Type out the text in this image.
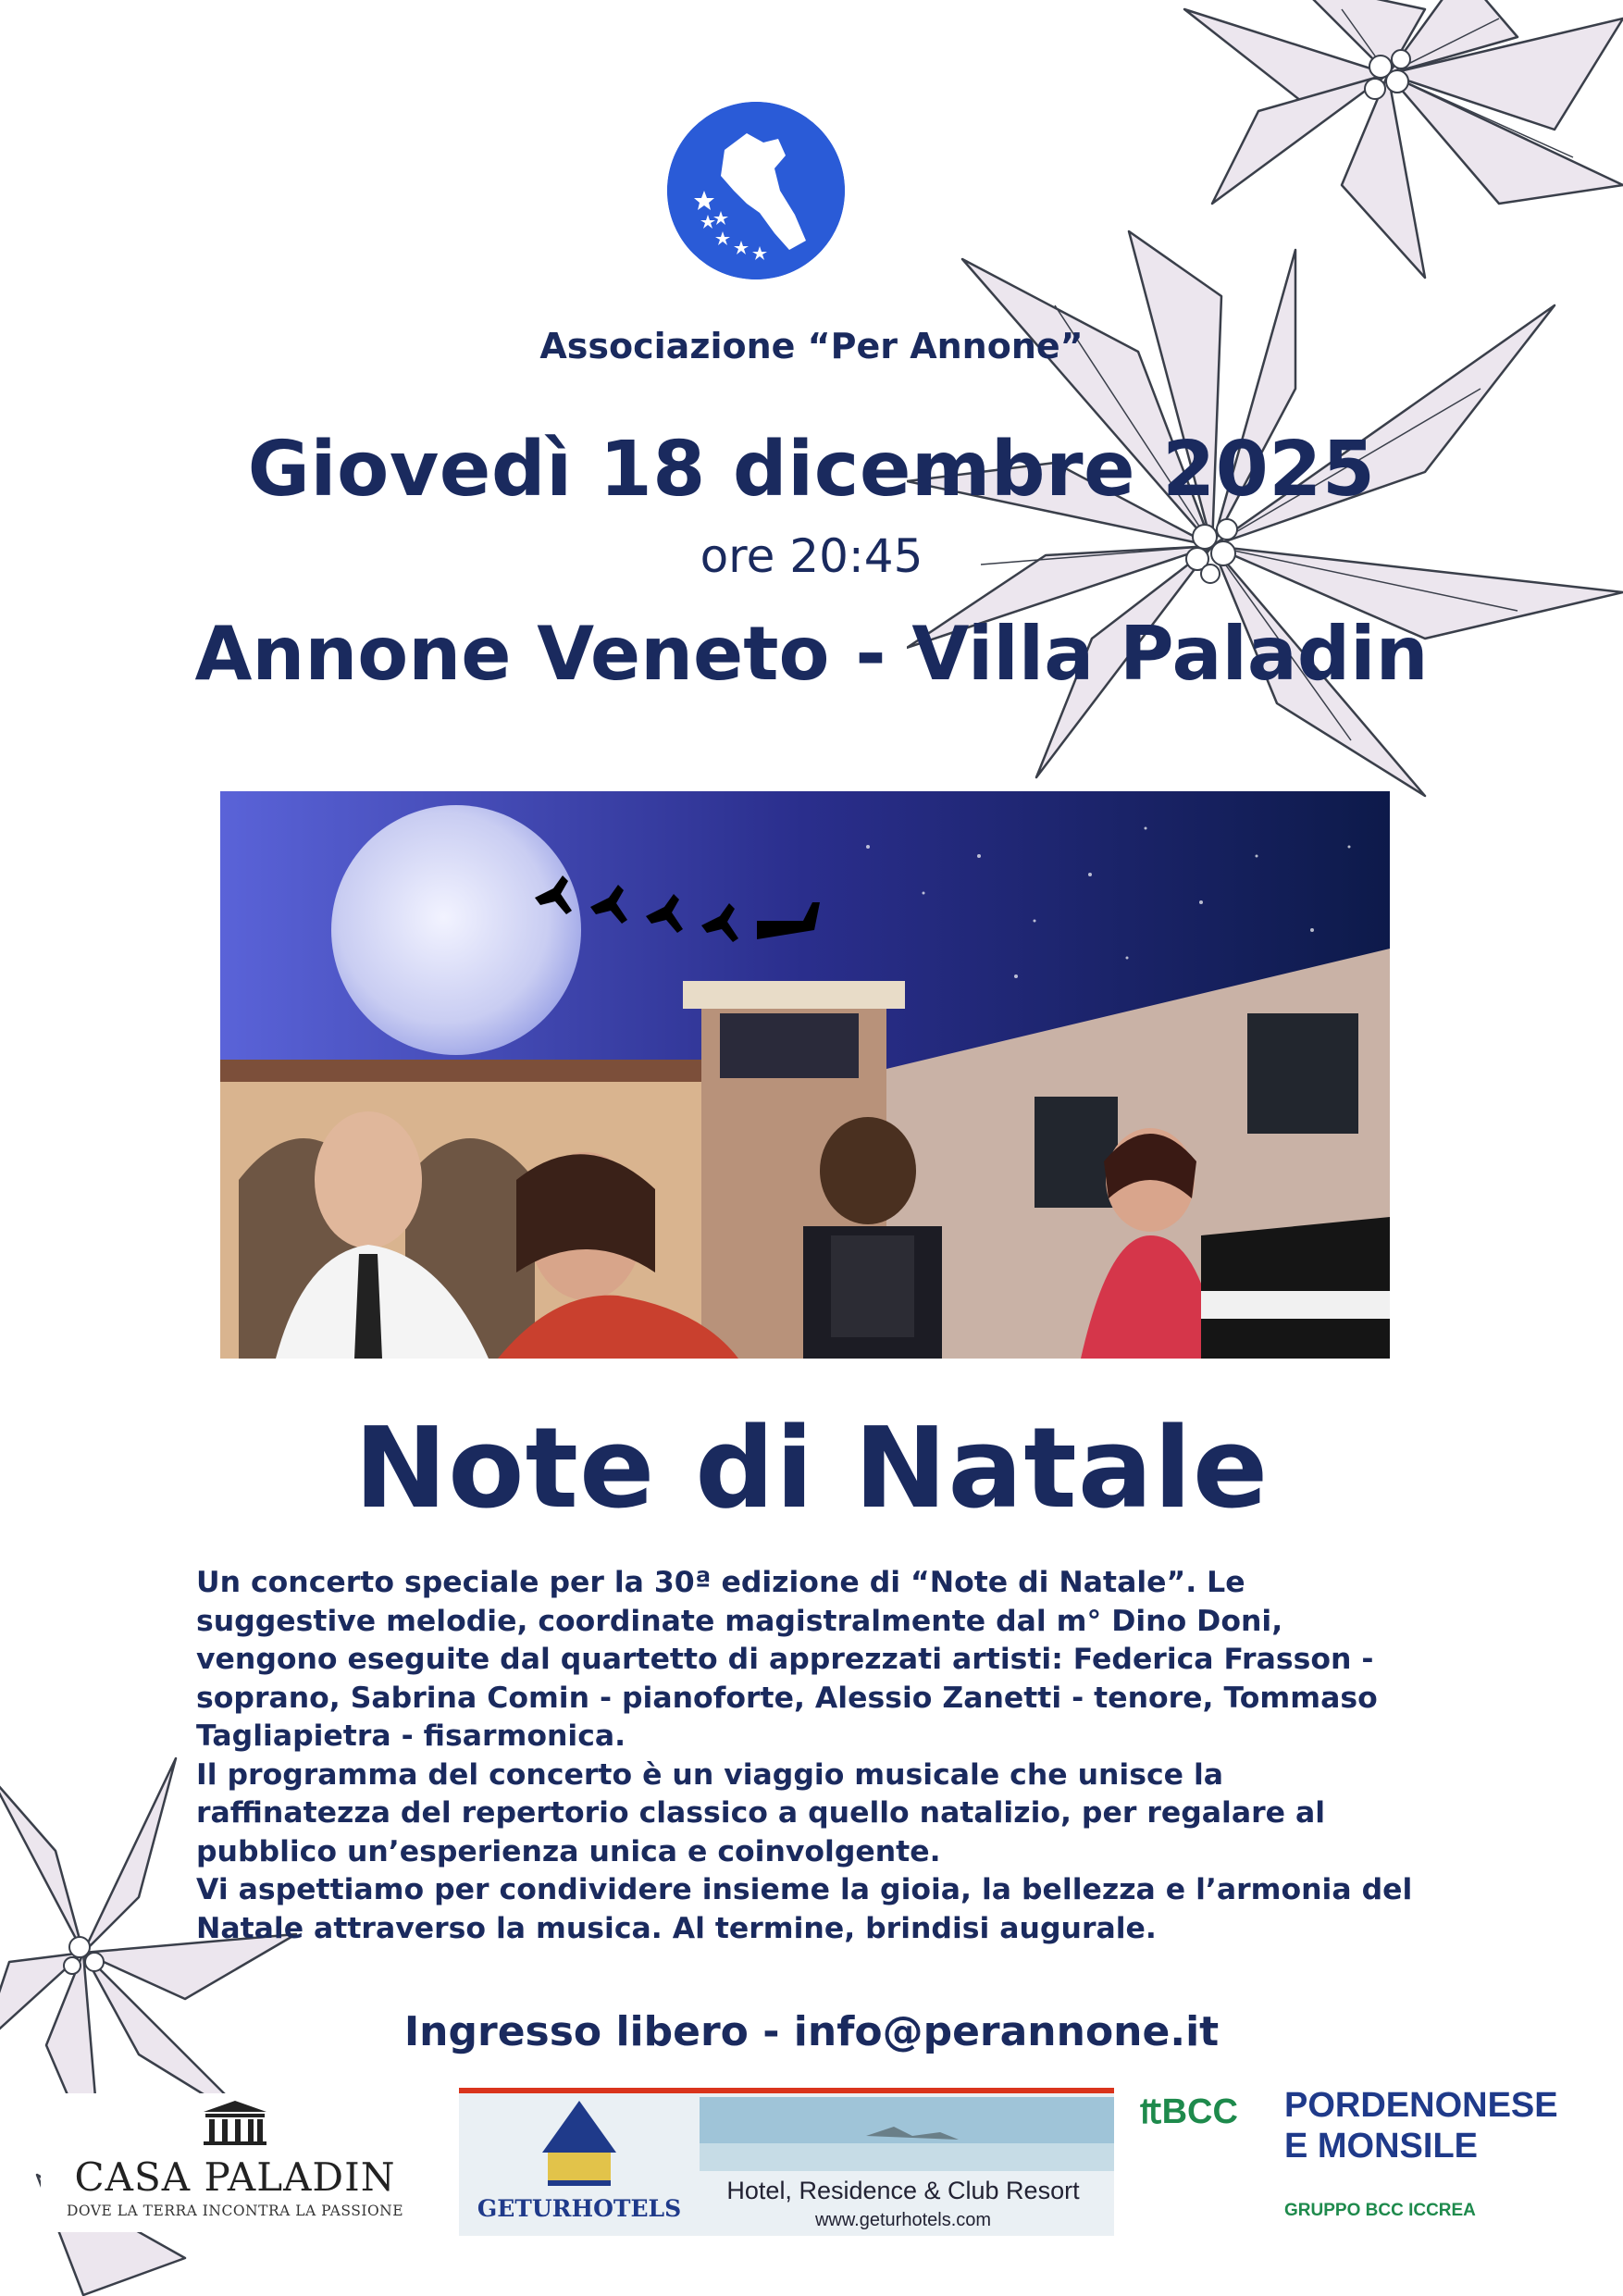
Associazione “Per Annone”
Giovedì 18 dicembre 2025
ore 20:45
Annone Veneto - Villa Paladin
Note di Natale

Un concerto speciale per la 30ª edizione di “Note di Natale”. Le suggestive melodie, coordinate magistralmente dal m° Dino Doni, vengono eseguite dal quartetto di apprezzati artisti: Federica Frasson - soprano, Sabrina Comin - pianoforte, Alessio Zanetti - tenore, Tommaso Tagliapietra - fisarmonica.

Il programma del concerto è un viaggio musicale che unisce la raffinatezza del repertorio classico a quello natalizio, per regalare al pubblico un’esperienza unica e coinvolgente.

Vi aspettiamo per condividere insieme la gioia, la bellezza e l’armonia del Natale attraverso la musica. Al termine, brindisi augurale.

Ingresso libero - info@perannone.it
CASA PALADIN
DOVE LA TERRA INCONTRA LA PASSIONE	GETURHOTELS
Hotel, Residence & Club Resort
www.geturhotels.com
₶BCC PORDENONESE
E MONSILE
GRUPPO BCC ICCREA
